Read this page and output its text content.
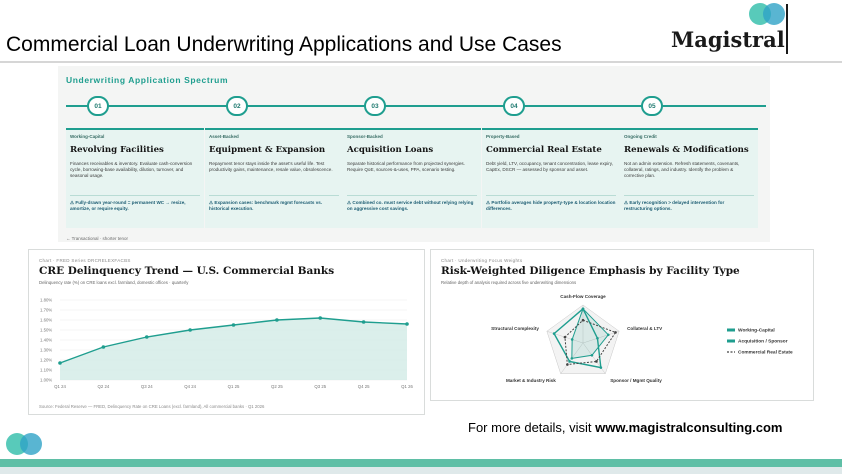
Commercial Loan Underwriting Applications and Use Cases	Magistral
Underwriting Application Spectrum
01	02	03	04	05
Working-Capital
Revolving Facilities
Finances receivables & inventory. Evaluate cash-conversion cycle, borrowing-base availability, dilution, turnover, and seasonal usage.
⚠ Fully-drawn year-round = permanent WC → resize, amortize, or require equity.
Asset-Backed
Equipment & Expansion
Repayment tenor stays inside the asset’s useful life. Test productivity gains, maintenance, resale value, obsolescence.
⚠ Expansion cases: benchmark mgmt forecasts vs. historical execution.
Sponsor-Backed
Acquisition Loans
Separate historical performance from projected synergies. Require QoE, sources-&-uses, PPA, scenario testing.
⚠ Combined co. must service debt without relying relying on aggressive cost savings.
Property-Based
Commercial Real Estate
Debt yield, LTV, occupancy, tenant concentration, lease expiry, CapEx, DSCR — assessed by sponsor and asset.
⚠ Portfolio averages hide property-type & location location differences.
Ongoing Credit
Renewals & Modifications
Not an admin extension. Refresh statements, covenants, collateral, ratings, and industry. Identify the problem & corrective plan.
⚠ Early recognition > delayed intervention for restructuring options.
← Transactional · shorter tenor
Chart · FRED Series DRCRELEXFACBS
CRE Delinquency Trend — U.S. Commercial Banks
Delinquency rate (%) on CRE loans excl. farmland, domestic offices · quarterly
1.80%
1.70%
1.60%
1.50%
1.40%
1.30%
1.20%
1.10%
1.00%
Q1 24	Q2 24	Q3 24	Q4 24	Q1 25	Q2 25	Q3 25	Q4 25	Q1 26
Source: Federal Reserve — FRED, Delinquency Rate on CRE Loans (excl. farmland), All commercial banks · Q1 2026
Chart · Underwriting Focus Weights
Risk-Weighted Diligence Emphasis by Facility Type
Relative depth of analysis required across five underwriting dimensions
Cash-Flow Coverage
Collateral & LTV
Sponsor / Mgmt Quality
Market & Industry Risk
Structural Complexity	Working-Capital
Acquisition / Sponsor
Commercial Real Estate
For more details, visit www.magistralconsulting.com
